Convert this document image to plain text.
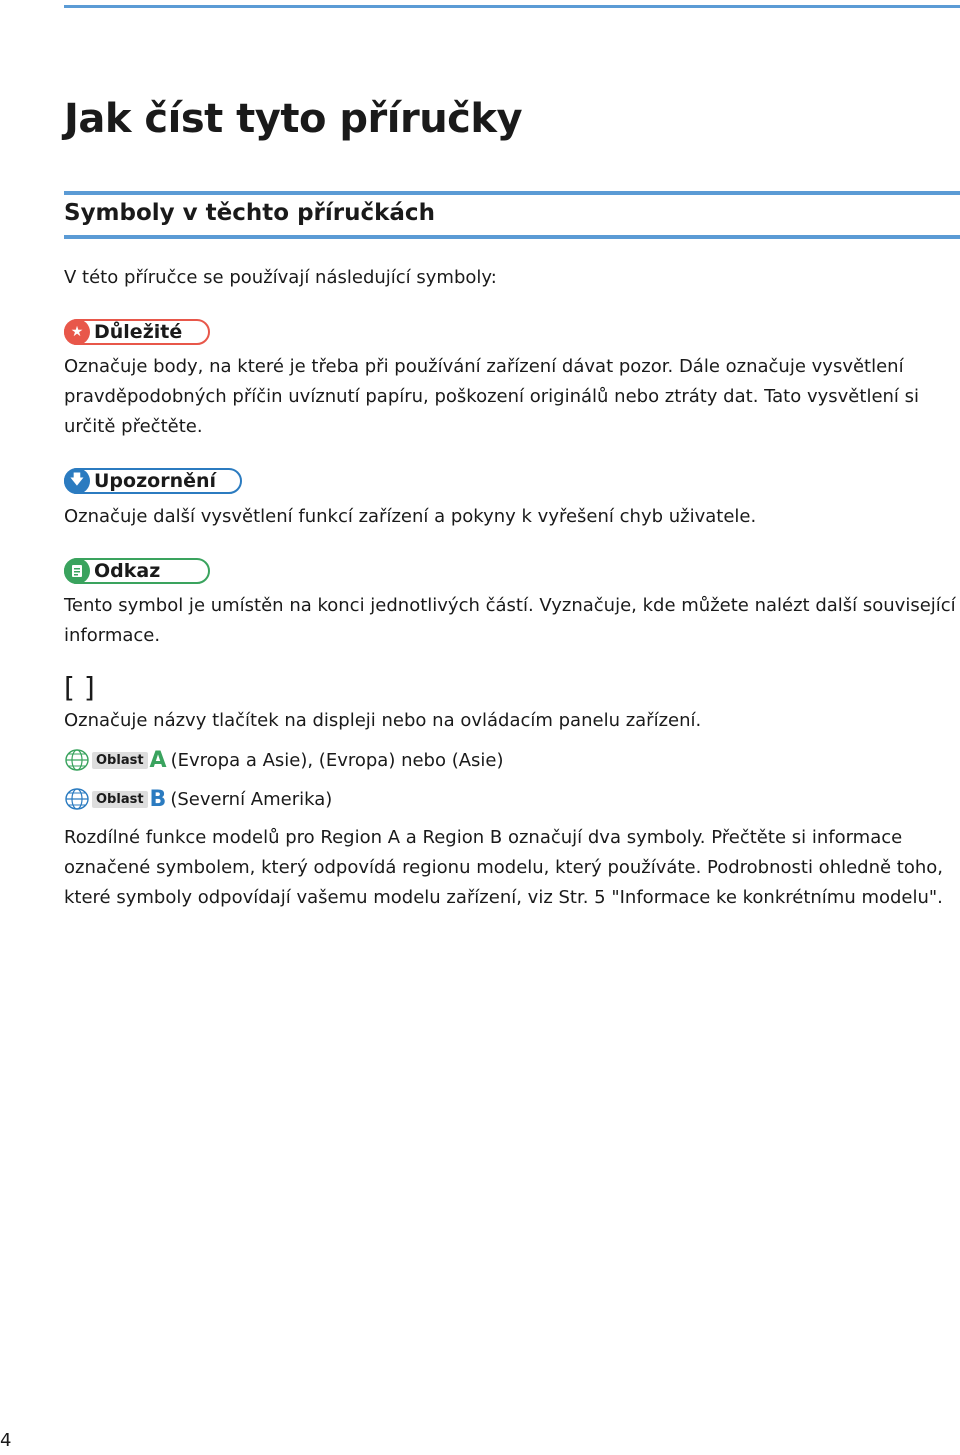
Jak číst tyto příručky
Symboly v těchto příručkách

V této příručce se používají následující symboly:

★ Důležité

Označuje body, na které je třeba při používání zařízení dávat pozor. Dále označuje vysvětlení pravděpodobných příčin uvíznutí papíru, poškození originálů nebo ztráty dat. Tato vysvětlení si určitě přečtěte.

🡇 Upozornění

Označuje další vysvětlení funkcí zařízení a pokyny k vyřešení chyb uživatele.

Odkaz

Tento symbol je umístěn na konci jednotlivých částí. Vyznačuje, kde můžete nalézt další související informace.

[ ]

Označuje názvy tlačítek na displeji nebo na ovládacím panelu zařízení.

Oblast A (Evropa a Asie), (Evropa) nebo (Asie)
Oblast B (Severní Amerika)

Rozdílné funkce modelů pro Region A a Region B označují dva symboly. Přečtěte si informace označené symbolem, který odpovídá regionu modelu, který používáte. Podrobnosti ohledně toho, které symboly odpovídají vašemu modelu zařízení, viz Str. 5 "Informace ke konkrétnímu modelu".

4
